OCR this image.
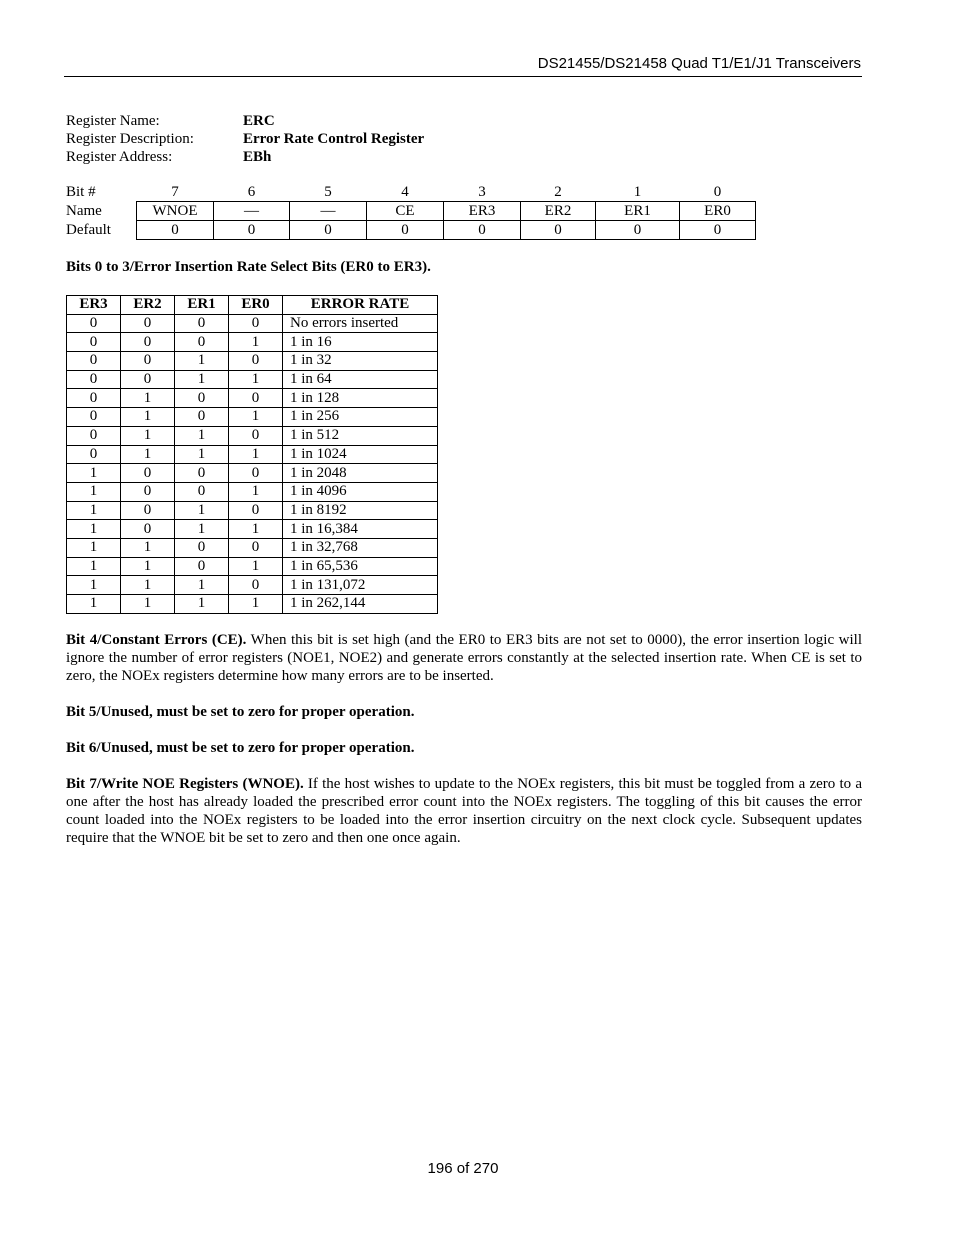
DS21455/DS21458 Quad T1/E1/J1 Transceivers
Register Name:	ERC
Register Description:	Error Rate Control Register
Register Address:	EBh
Bit #	7	6	5	4	3	2	1	0
Name	WNOE	—	—	CE	ER3	ER2	ER1	ER0
Default	0	0	0	0	0	0	0	0
Bits 0 to 3/Error Insertion Rate Select Bits (ER0 to ER3).
ER3	ER2	ER1	ER0	ERROR RATE
0	0	0	0	No errors inserted
0	0	0	1	1 in 16
0	0	1	0	1 in 32
0	0	1	1	1 in 64
0	1	0	0	1 in 128
0	1	0	1	1 in 256
0	1	1	0	1 in 512
0	1	1	1	1 in 1024
1	0	0	0	1 in 2048
1	0	0	1	1 in 4096
1	0	1	0	1 in 8192
1	0	1	1	1 in 16,384
1	1	0	0	1 in 32,768
1	1	0	1	1 in 65,536
1	1	1	0	1 in 131,072
1	1	1	1	1 in 262,144
Bit 4/Constant Errors (CE). When this bit is set high (and the ER0 to ER3 bits are not set to 0000), the error insertion logic will ignore the number of error registers (NOE1, NOE2) and generate errors constantly at the selected insertion rate. When CE is set to zero, the NOEx registers determine how many errors are to be inserted.
Bit 5/Unused, must be set to zero for proper operation.
Bit 6/Unused, must be set to zero for proper operation.
Bit 7/Write NOE Registers (WNOE). If the host wishes to update to the NOEx registers, this bit must be toggled from a zero to a one after the host has already loaded the prescribed error count into the NOEx registers. The toggling of this bit causes the error count loaded into the NOEx registers to be loaded into the error insertion circuitry on the next clock cycle. Subsequent updates require that the WNOE bit be set to zero and then one once again.
196 of 270
